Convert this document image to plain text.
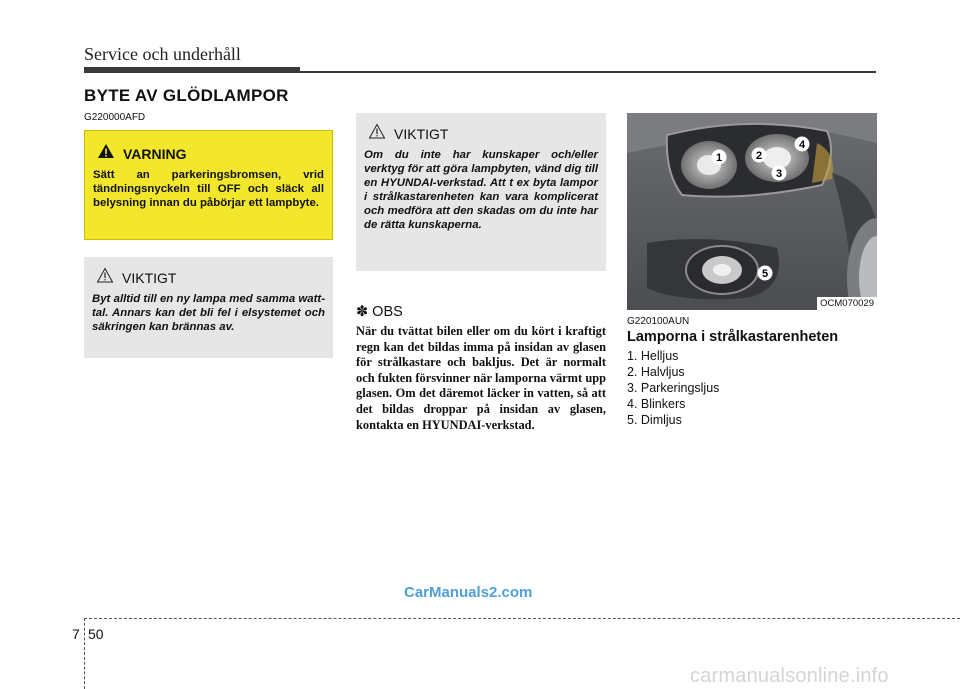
Service och underhåll
BYTE AV GLÖDLAMPOR
G220000AFD
VARNING
Sätt an parkeringsbromsen, vrid tändningsnyckeln till OFF och släck all belysning innan du påbörjar ett lampbyte.
VIKTIGT
Byt alltid till en ny lampa med samma watt-tal. Annars kan det bli fel i elsystemet och säkringen kan brännas av.
VIKTIGT
Om du inte har kunskaper och/eller verktyg för att göra lampbyten, vänd dig till en HYUNDAI-verkstad. Att t ex byta lampor i strålkastarenheten kan vara komplicerat och medföra att den skadas om du inte har de rätta kunskaperna.
✽ OBS
När du tvättat bilen eller om du kört i kraftigt regn kan det bildas imma på insidan av glasen för strålkastare och bakljus. Det är normalt och fukten försvinner när lamporna värmt upp glasen. Om det däremot läcker in vatten, så att det bildas droppar på insidan av glasen, kontakta en HYUNDAI-verkstad.
1	2
3
4
5
OCM070029
G220100AUN
Lamporna i strålkastarenheten
1. Helljus
2. Halvljus
3. Parkeringsljus
4. Blinkers
5. Dimljus
CarManuals2.com
7 50
carmanualsonline.info
